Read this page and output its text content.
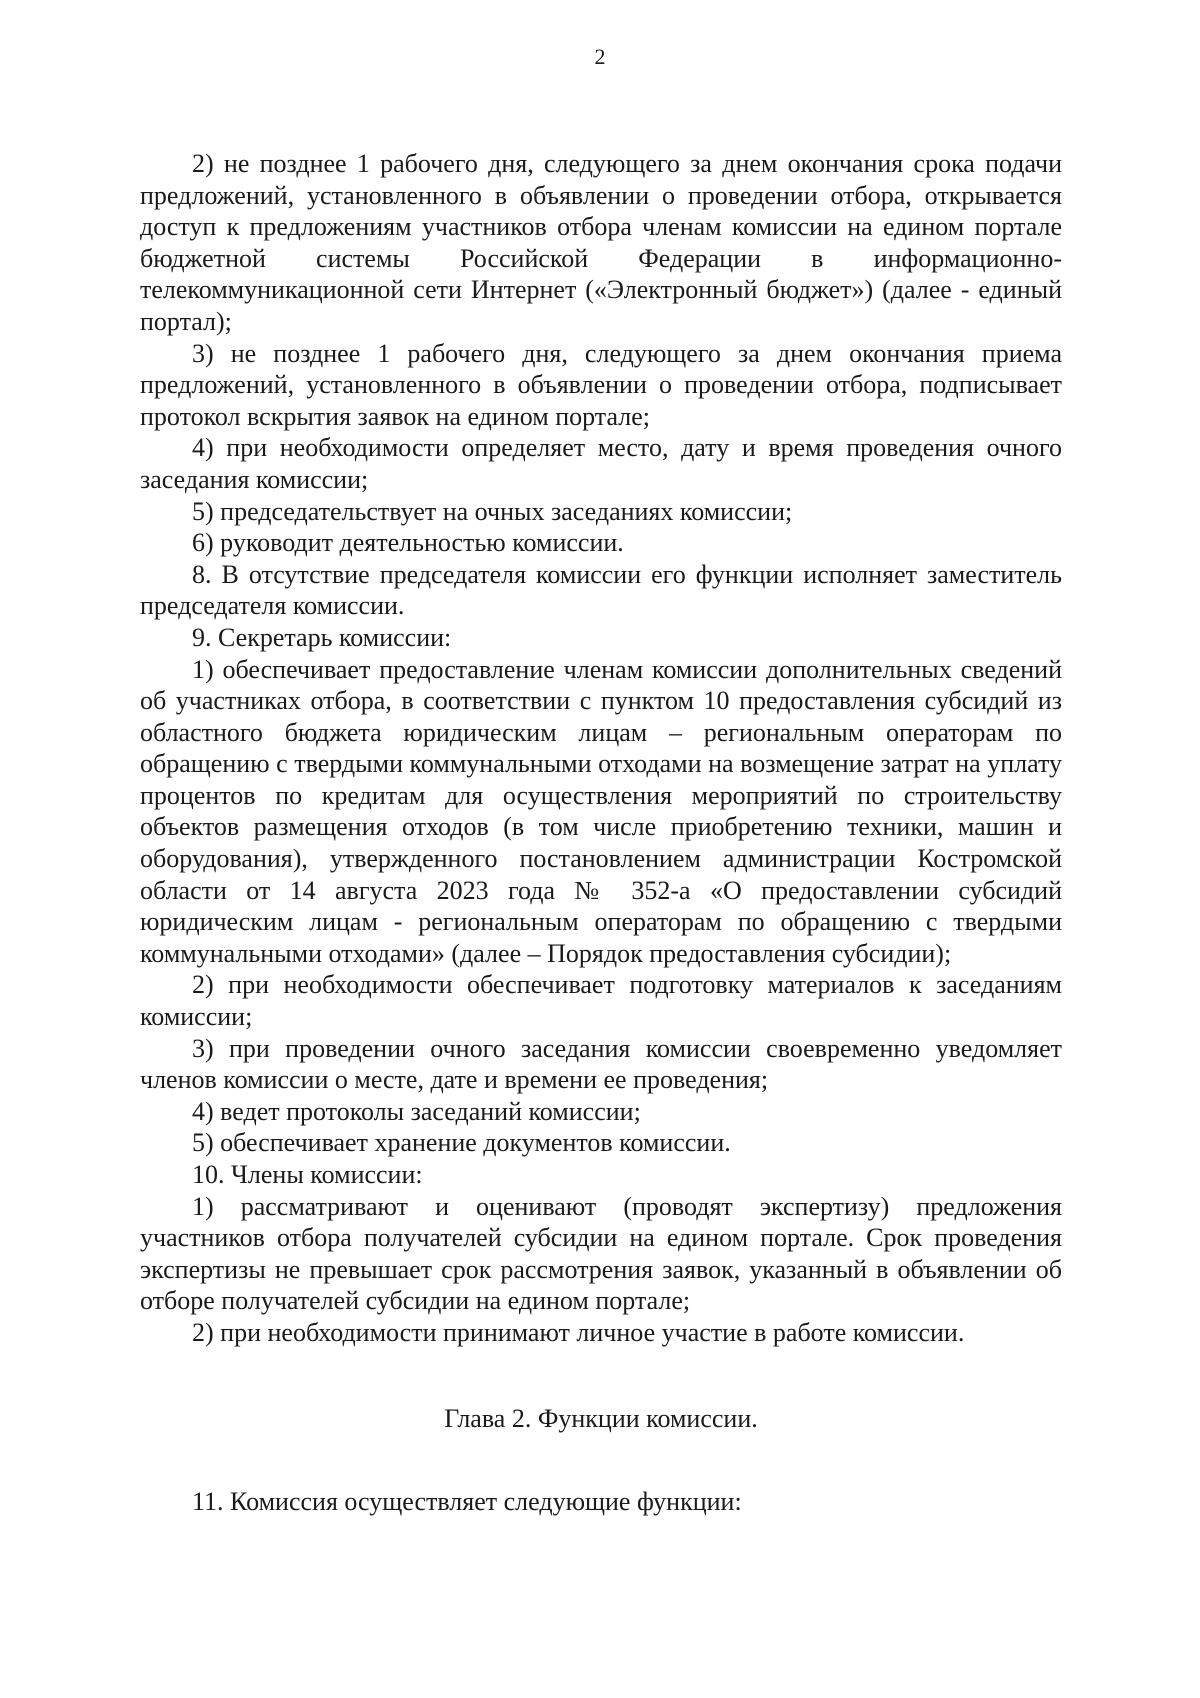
2

2) не позднее 1 рабочего дня, следующего за днем окончания срока подачи предложений, установленного в объявлении о проведении отбора, открывается доступ к предложениям участников отбора членам комиссии на едином портале бюджетной системы Российской Федерации в информационно-телекоммуникационной сети Интернет («Электронный бюджет») (далее - единый портал);

3) не позднее 1 рабочего дня, следующего за днем окончания приема предложений, установленного в объявлении о проведении отбора, подписывает протокол вскрытия заявок на едином портале;

4) при необходимости определяет место, дату и время проведения очного заседания комиссии;

5) председательствует на очных заседаниях комиссии;

6) руководит деятельностью комиссии.

8. В отсутствие председателя комиссии его функции исполняет заместитель председателя комиссии.

9. Секретарь комиссии:

1) обеспечивает предоставление членам комиссии дополнительных сведений об участниках отбора, в соответствии с пунктом 10 предоставления субсидий из областного бюджета юридическим лицам – региональным операторам по обращению с твердыми коммунальными отходами на возмещение затрат на уплату процентов по кредитам для осуществления мероприятий по строительству объектов размещения отходов (в том числе приобретению техники, машин и оборудования), утвержденного постановлением администрации Костромской области от 14 августа 2023 года № 352-а «О предоставлении субсидий юридическим лицам - региональным операторам по обращению с твердыми коммунальными отходами» (далее – Порядок предоставления субсидии);

2) при необходимости обеспечивает подготовку материалов к заседаниям комиссии;

3) при проведении очного заседания комиссии своевременно уведомляет членов комиссии о месте, дате и времени ее проведения;

4) ведет протоколы заседаний комиссии;

5) обеспечивает хранение документов комиссии.

10. Члены комиссии:

1) рассматривают и оценивают (проводят экспертизу) предложения участников отбора получателей субсидии на едином портале. Срок проведения экспертизы не превышает срок рассмотрения заявок, указанный в объявлении об отборе получателей субсидии на едином портале;

2) при необходимости принимают личное участие в работе комиссии.

Глава 2. Функции комиссии.

11. Комиссия осуществляет следующие функции:
